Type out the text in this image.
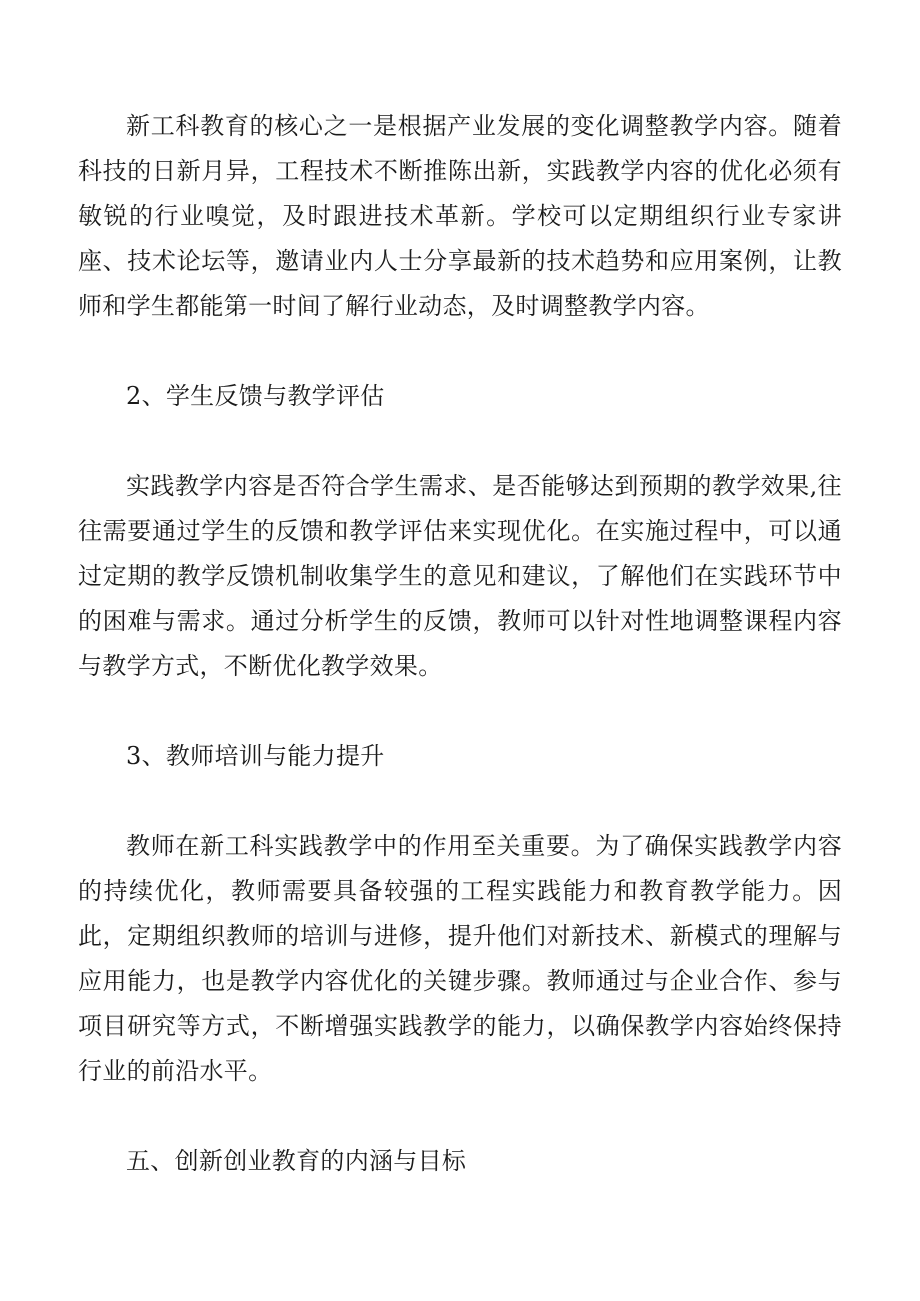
新工科教育的核心之一是根据产业发展的变化调整教学内容。随着科技的日新月异，工程技术不断推陈出新，实践教学内容的优化必须有敏锐的行业嗅觉，及时跟进技术革新。学校可以定期组织行业专家讲座、技术论坛等，邀请业内人士分享最新的技术趋势和应用案例，让教师和学生都能第一时间了解行业动态，及时调整教学内容。

2、学生反馈与教学评估

实践教学内容是否符合学生需求、是否能够达到预期的教学效果,往往需要通过学生的反馈和教学评估来实现优化。在实施过程中，可以通过定期的教学反馈机制收集学生的意见和建议，了解他们在实践环节中的困难与需求。通过分析学生的反馈，教师可以针对性地调整课程内容与教学方式，不断优化教学效果。

3、教师培训与能力提升

教师在新工科实践教学中的作用至关重要。为了确保实践教学内容的持续优化，教师需要具备较强的工程实践能力和教育教学能力。因此，定期组织教师的培训与进修，提升他们对新技术、新模式的理解与应用能力，也是教学内容优化的关键步骤。教师通过与企业合作、参与项目研究等方式，不断增强实践教学的能力，以确保教学内容始终保持行业的前沿水平。

五、创新创业教育的内涵与目标
